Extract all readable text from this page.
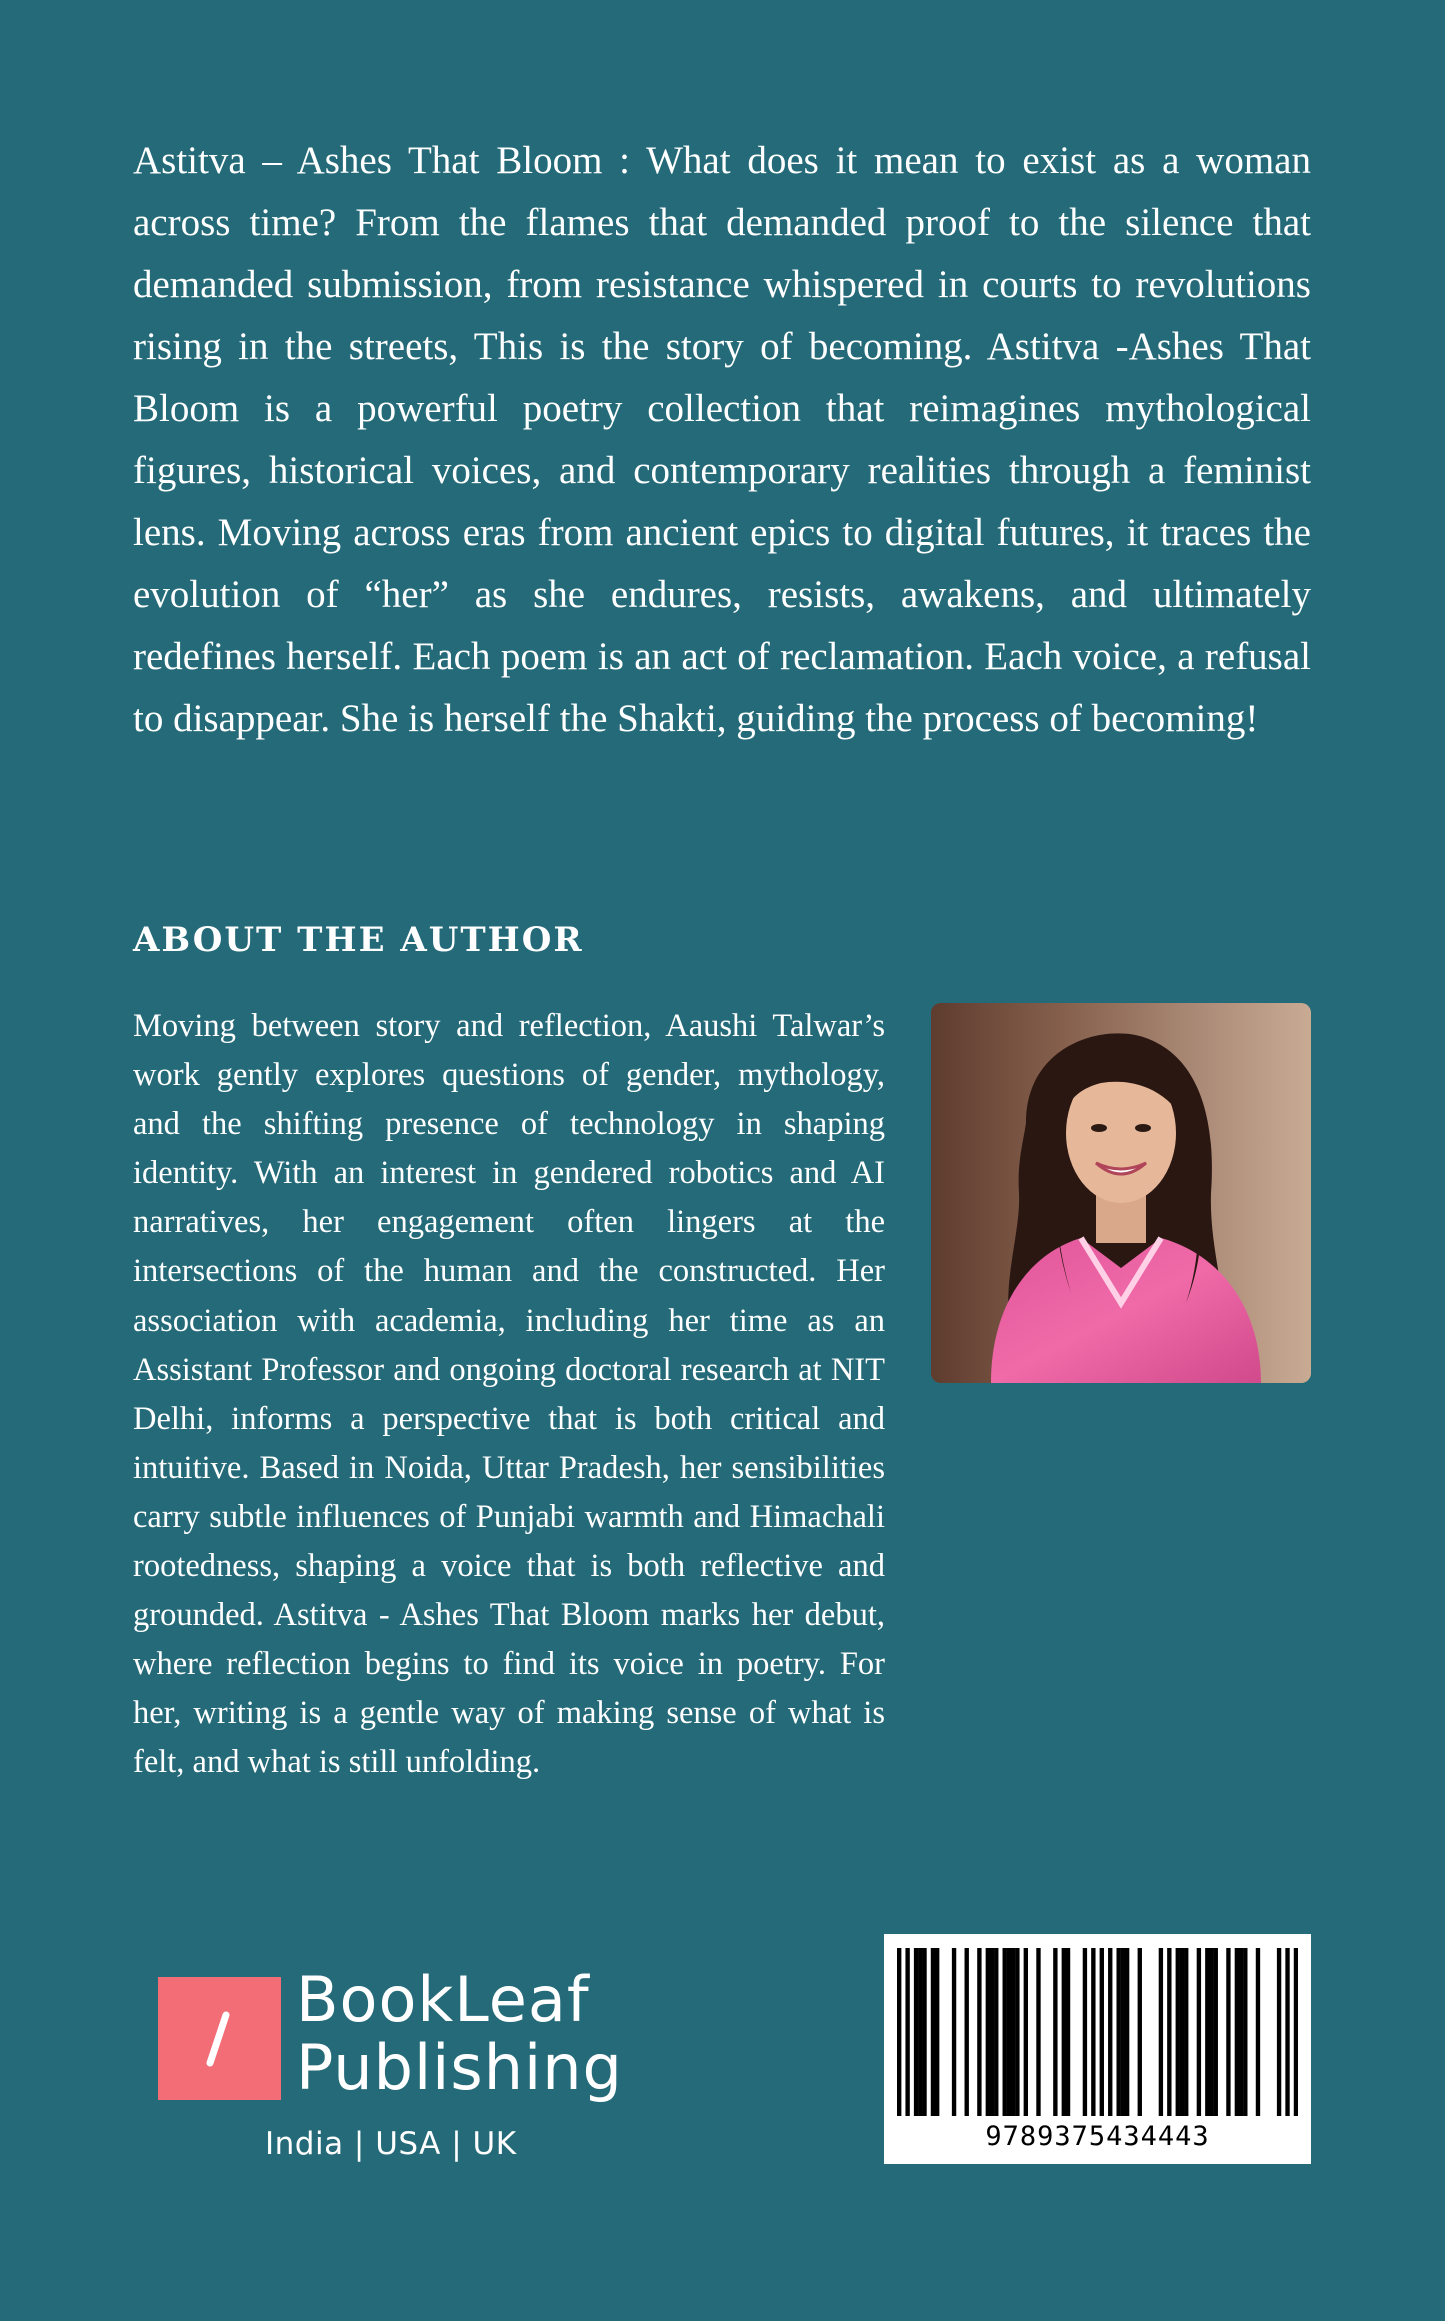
Astitva – Ashes That Bloom : What does it mean to exist as a woman across time? From the flames that demanded proof to the silence that demanded submission, from resistance whispered in courts to revolutions rising in the streets, This is the story of becoming. Astitva -Ashes That Bloom is a powerful poetry collection that reimagines mythological figures, historical voices, and contemporary realities through a feminist lens. Moving across eras from ancient epics to digital futures, it traces the evolution of “her” as she endures, resists, awakens, and ultimately redefines herself. Each poem is an act of reclamation. Each voice, a refusal to disappear. She is herself the Shakti, guiding the process of becoming!

ABOUT THE AUTHOR

Moving between story and reflection, Aaushi Talwar’s work gently explores questions of gender, mythology, and the shifting presence of technology in shaping identity. With an interest in gendered robotics and AI narratives, her engagement often lingers at the intersections of the human and the constructed. Her association with academia, including her time as an Assistant Professor and ongoing doctoral research at NIT Delhi, informs a perspective that is both critical and intuitive. Based in Noida, Uttar Pradesh, her sensibilities carry subtle influences of Punjabi warmth and Himachali rootedness, shaping a voice that is both reflective and grounded. Astitva - Ashes That Bloom marks her debut, where reflection begins to find its voice in poetry. For her, writing is a gentle way of making sense of what is felt, and what is still unfolding.

BookLeaf
Publishing
India | USA | UK	9789375434443
